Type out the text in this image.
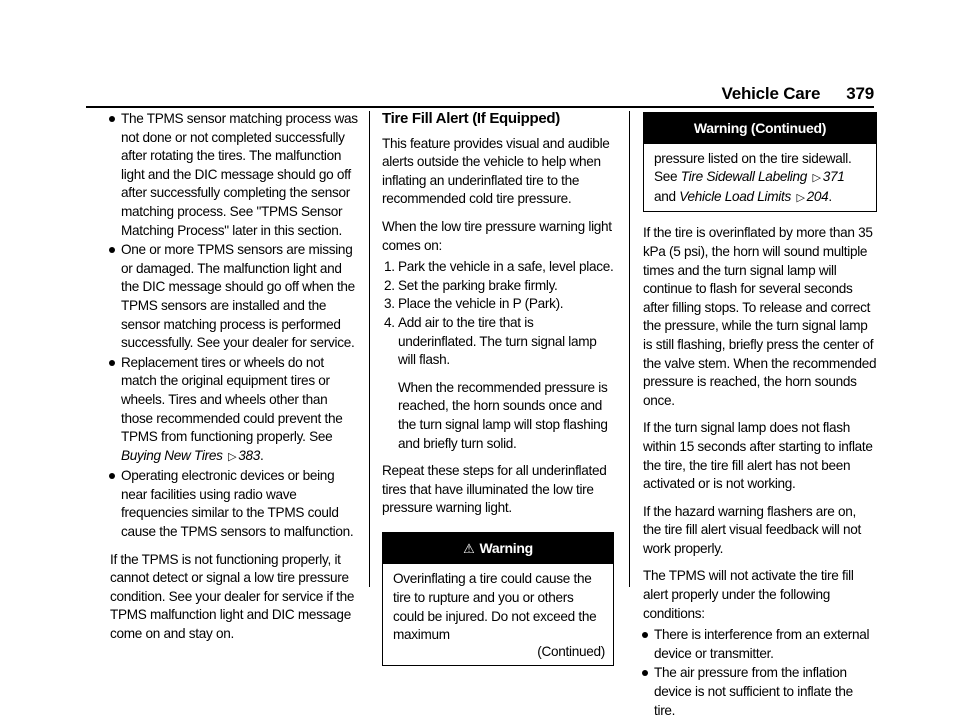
Vehicle Care 379
The TPMS sensor matching process was not done or not completed successfully after rotating the tires. The malfunction light and the DIC message should go off after successfully completing the sensor matching process. See "TPMS Sensor Matching Process" later in this section.
One or more TPMS sensors are missing or damaged. The malfunction light and the DIC message should go off when the TPMS sensors are installed and the sensor matching process is performed successfully. See your dealer for service.
Replacement tires or wheels do not match the original equipment tires or wheels. Tires and wheels other than those recommended could prevent the TPMS from functioning properly. See Buying New Tires ▷ 383.
Operating electronic devices or being near facilities using radio wave frequencies similar to the TPMS could cause the TPMS sensors to malfunction.

If the TPMS is not functioning properly, it cannot detect or signal a low tire pressure condition. See your dealer for service if the TPMS malfunction light and DIC message come on and stay on.

Tire Fill Alert (If Equipped)

This feature provides visual and audible alerts outside the vehicle to help when inflating an underinflated tire to the recommended cold tire pressure.

When the low tire pressure warning light comes on:

1. Park the vehicle in a safe, level place.
2. Set the parking brake firmly.
3. Place the vehicle in P (Park).
4. Add air to the tire that is underinflated. The turn signal lamp will flash.
When the recommended pressure is reached, the horn sounds once and the turn signal lamp will stop flashing and briefly turn solid.

Repeat these steps for all underinflated tires that have illuminated the low tire pressure warning light.

⚠ Warning
Overinflating a tire could cause the tire to rupture and you or others could be injured. Do not exceed the maximum
(Continued)
Warning (Continued)
pressure listed on the tire sidewall. See Tire Sidewall Labeling ▷ 371 and Vehicle Load Limits ▷ 204.

If the tire is overinflated by more than 35 kPa (5 psi), the horn will sound multiple times and the turn signal lamp will continue to flash for several seconds after filling stops. To release and correct the pressure, while the turn signal lamp is still flashing, briefly press the center of the valve stem. When the recommended pressure is reached, the horn sounds once.

If the turn signal lamp does not flash within 15 seconds after starting to inflate the tire, the tire fill alert has not been activated or is not working.

If the hazard warning flashers are on, the tire fill alert visual feedback will not work properly.

The TPMS will not activate the tire fill alert properly under the following conditions:

There is interference from an external device or transmitter.
The air pressure from the inflation device is not sufficient to inflate the tire.
